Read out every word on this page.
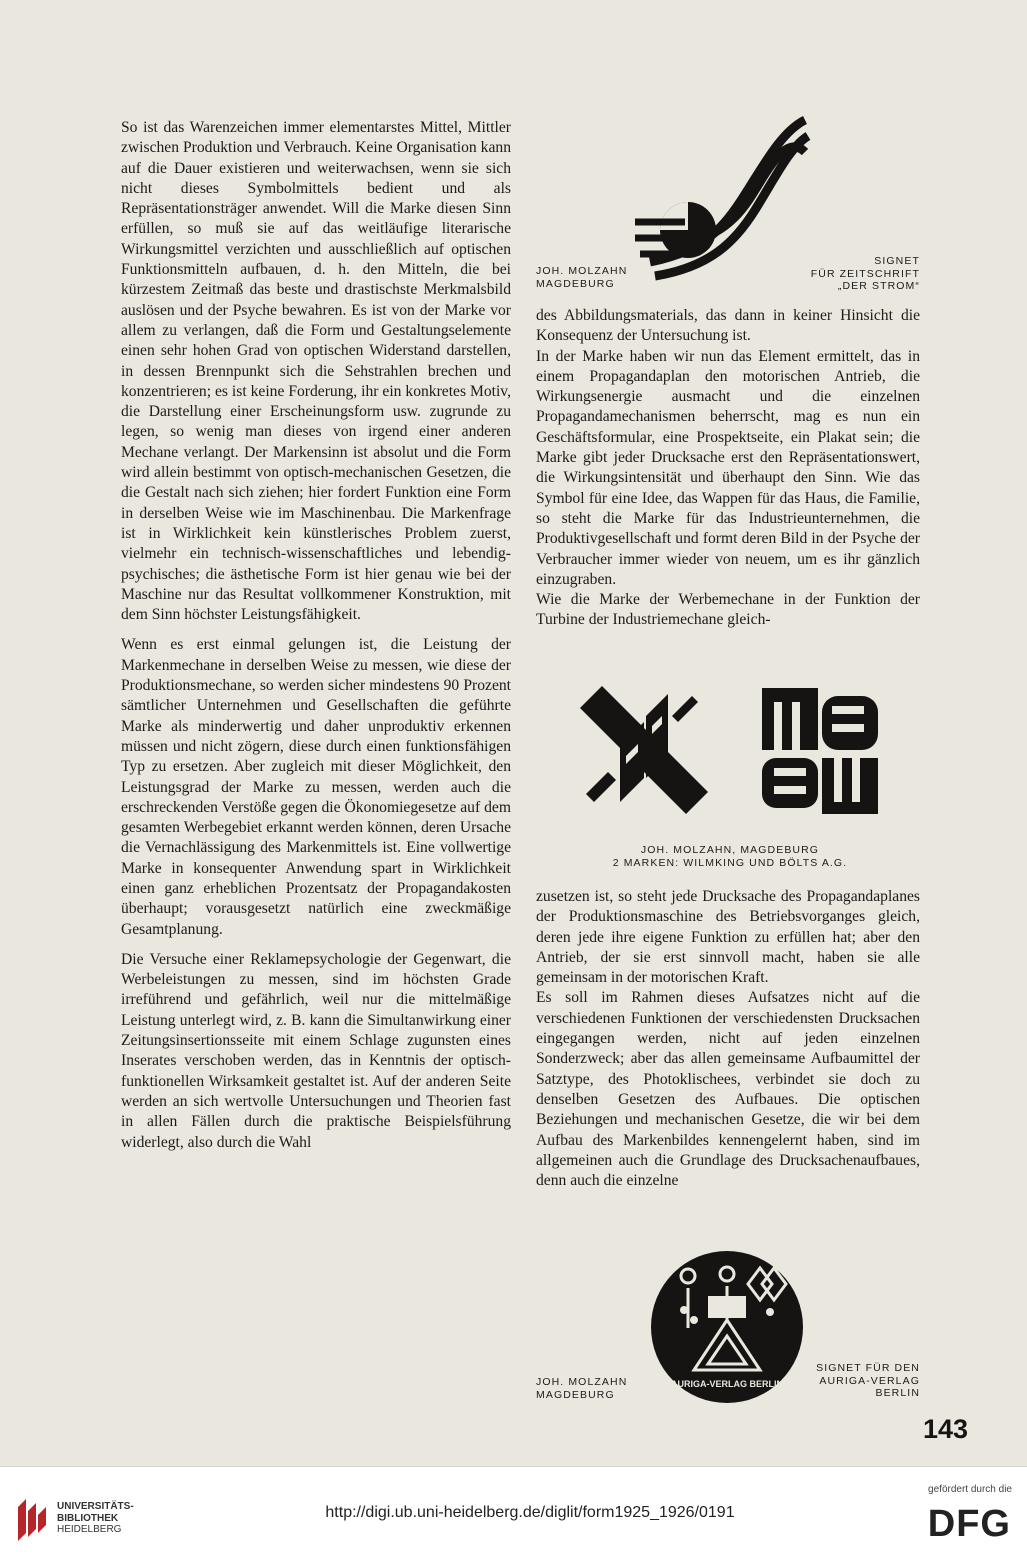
So ist das Warenzeichen immer elementarstes Mittel, Mittler zwischen Produktion und Verbrauch. Keine Organisation kann auf die Dauer existieren und weiterwachsen, wenn sie sich nicht dieses Symbolmittels bedient und als Repräsentationsträger anwendet. Will die Marke diesen Sinn erfüllen, so muß sie auf das weitläufige literarische Wirkungsmittel verzichten und ausschließlich auf optischen Funktionsmitteln aufbauen, d. h. den Mitteln, die bei kürzestem Zeitmaß das beste und drastischste Merkmalsbild auslösen und der Psyche bewahren. Es ist von der Marke vor allem zu verlangen, daß die Form und Gestaltungselemente einen sehr hohen Grad von optischen Widerstand darstellen, in dessen Brennpunkt sich die Sehstrahlen brechen und konzentrieren; es ist keine Forderung, ihr ein konkretes Motiv, die Darstellung einer Erscheinungsform usw. zugrunde zu legen, so wenig man dieses von irgend einer anderen Mechane verlangt. Der Markensinn ist absolut und die Form wird allein bestimmt von optisch-mechanischen Gesetzen, die die Gestalt nach sich ziehen; hier fordert Funktion eine Form in derselben Weise wie im Maschinenbau. Die Markenfrage ist in Wirklichkeit kein künstlerisches Problem zuerst, vielmehr ein technisch-wissenschaftliches und lebendig-psychisches; die ästhetische Form ist hier genau wie bei der Maschine nur das Resultat vollkommener Konstruktion, mit dem Sinn höchster Leistungsfähigkeit.

Wenn es erst einmal gelungen ist, die Leistung der Markenmechane in derselben Weise zu messen, wie diese der Produktionsmechane, so werden sicher mindestens 90 Prozent sämtlicher Unternehmen und Gesellschaften die geführte Marke als minderwertig und daher unproduktiv erkennen müssen und nicht zögern, diese durch einen funktionsfähigen Typ zu ersetzen. Aber zugleich mit dieser Möglichkeit, den Leistungsgrad der Marke zu messen, werden auch die erschreckenden Verstöße gegen die Ökonomiegesetze auf dem gesamten Werbegebiet erkannt werden können, deren Ursache die Vernachlässigung des Markenmittels ist. Eine vollwertige Marke in konsequenter Anwendung spart in Wirklichkeit einen ganz erheblichen Prozentsatz der Propagandakosten überhaupt; vorausgesetzt natürlich eine zweckmäßige Gesamtplanung.

Die Versuche einer Reklamepsychologie der Gegenwart, die Werbeleistungen zu messen, sind im höchsten Grade irreführend und gefährlich, weil nur die mittelmäßige Leistung unterlegt wird, z. B. kann die Simultanwirkung einer Zeitungsinsertionsseite mit einem Schlage zugunsten eines Inserates verschoben werden, das in Kenntnis der optisch-funktionellen Wirksamkeit gestaltet ist. Auf der anderen Seite werden an sich wertvolle Untersuchungen und Theorien fast in allen Fällen durch die praktische Beispielsführung widerlegt, also durch die Wahl

JOH. MOLZAHN
MAGDEBURG
SIGNET
FÜR ZEITSCHRIFT
„DER STROM“

des Abbildungsmaterials, das dann in keiner Hinsicht die Konsequenz der Untersuchung ist.

In der Marke haben wir nun das Element ermittelt, das in einem Propagandaplan den motorischen Antrieb, die Wirkungsenergie ausmacht und die einzelnen Propagandamechanismen beherrscht, mag es nun ein Geschäftsformular, eine Prospektseite, ein Plakat sein; die Marke gibt jeder Drucksache erst den Repräsentationswert, die Wirkungsintensität und überhaupt den Sinn. Wie das Symbol für eine Idee, das Wappen für das Haus, die Familie, so steht die Marke für das Industrieunternehmen, die Produktivgesellschaft und formt deren Bild in der Psyche der Verbraucher immer wieder von neuem, um es ihr gänzlich einzugraben.

Wie die Marke der Werbemechane in der Funktion der Turbine der Industriemechane gleich-

JOH. MOLZAHN, MAGDEBURG
2 MARKEN: WILMKING UND BÖLTS A.G.

zusetzen ist, so steht jede Drucksache des Propagandaplanes der Produktionsmaschine des Betriebsvorganges gleich, deren jede ihre eigene Funktion zu erfüllen hat; aber den Antrieb, der sie erst sinnvoll macht, haben sie alle gemeinsam in der motorischen Kraft.

Es soll im Rahmen dieses Aufsatzes nicht auf die verschiedenen Funktionen der verschiedensten Drucksachen eingegangen werden, nicht auf jeden einzelnen Sonderzweck; aber das allen gemeinsame Aufbaumittel der Satztype, des Photoklischees, verbindet sie doch zu denselben Gesetzen des Aufbaues. Die optischen Beziehungen und mechanischen Gesetze, die wir bei dem Aufbau des Markenbildes kennengelernt haben, sind im allgemeinen auch die Grundlage des Drucksachenaufbaues, denn auch die einzelne

AURIGA-VERLAG BERLIN
JOH. MOLZAHN
MAGDEBURG
SIGNET FÜR DEN
AURIGA-VERLAG
BERLIN
143
UNIVERSITÄTS-
BIBLIOTHEK
HEIDELBERG
http://digi.ub.uni-heidelberg.de/diglit/form1925_1926/0191
gefördert durch die
DFG
